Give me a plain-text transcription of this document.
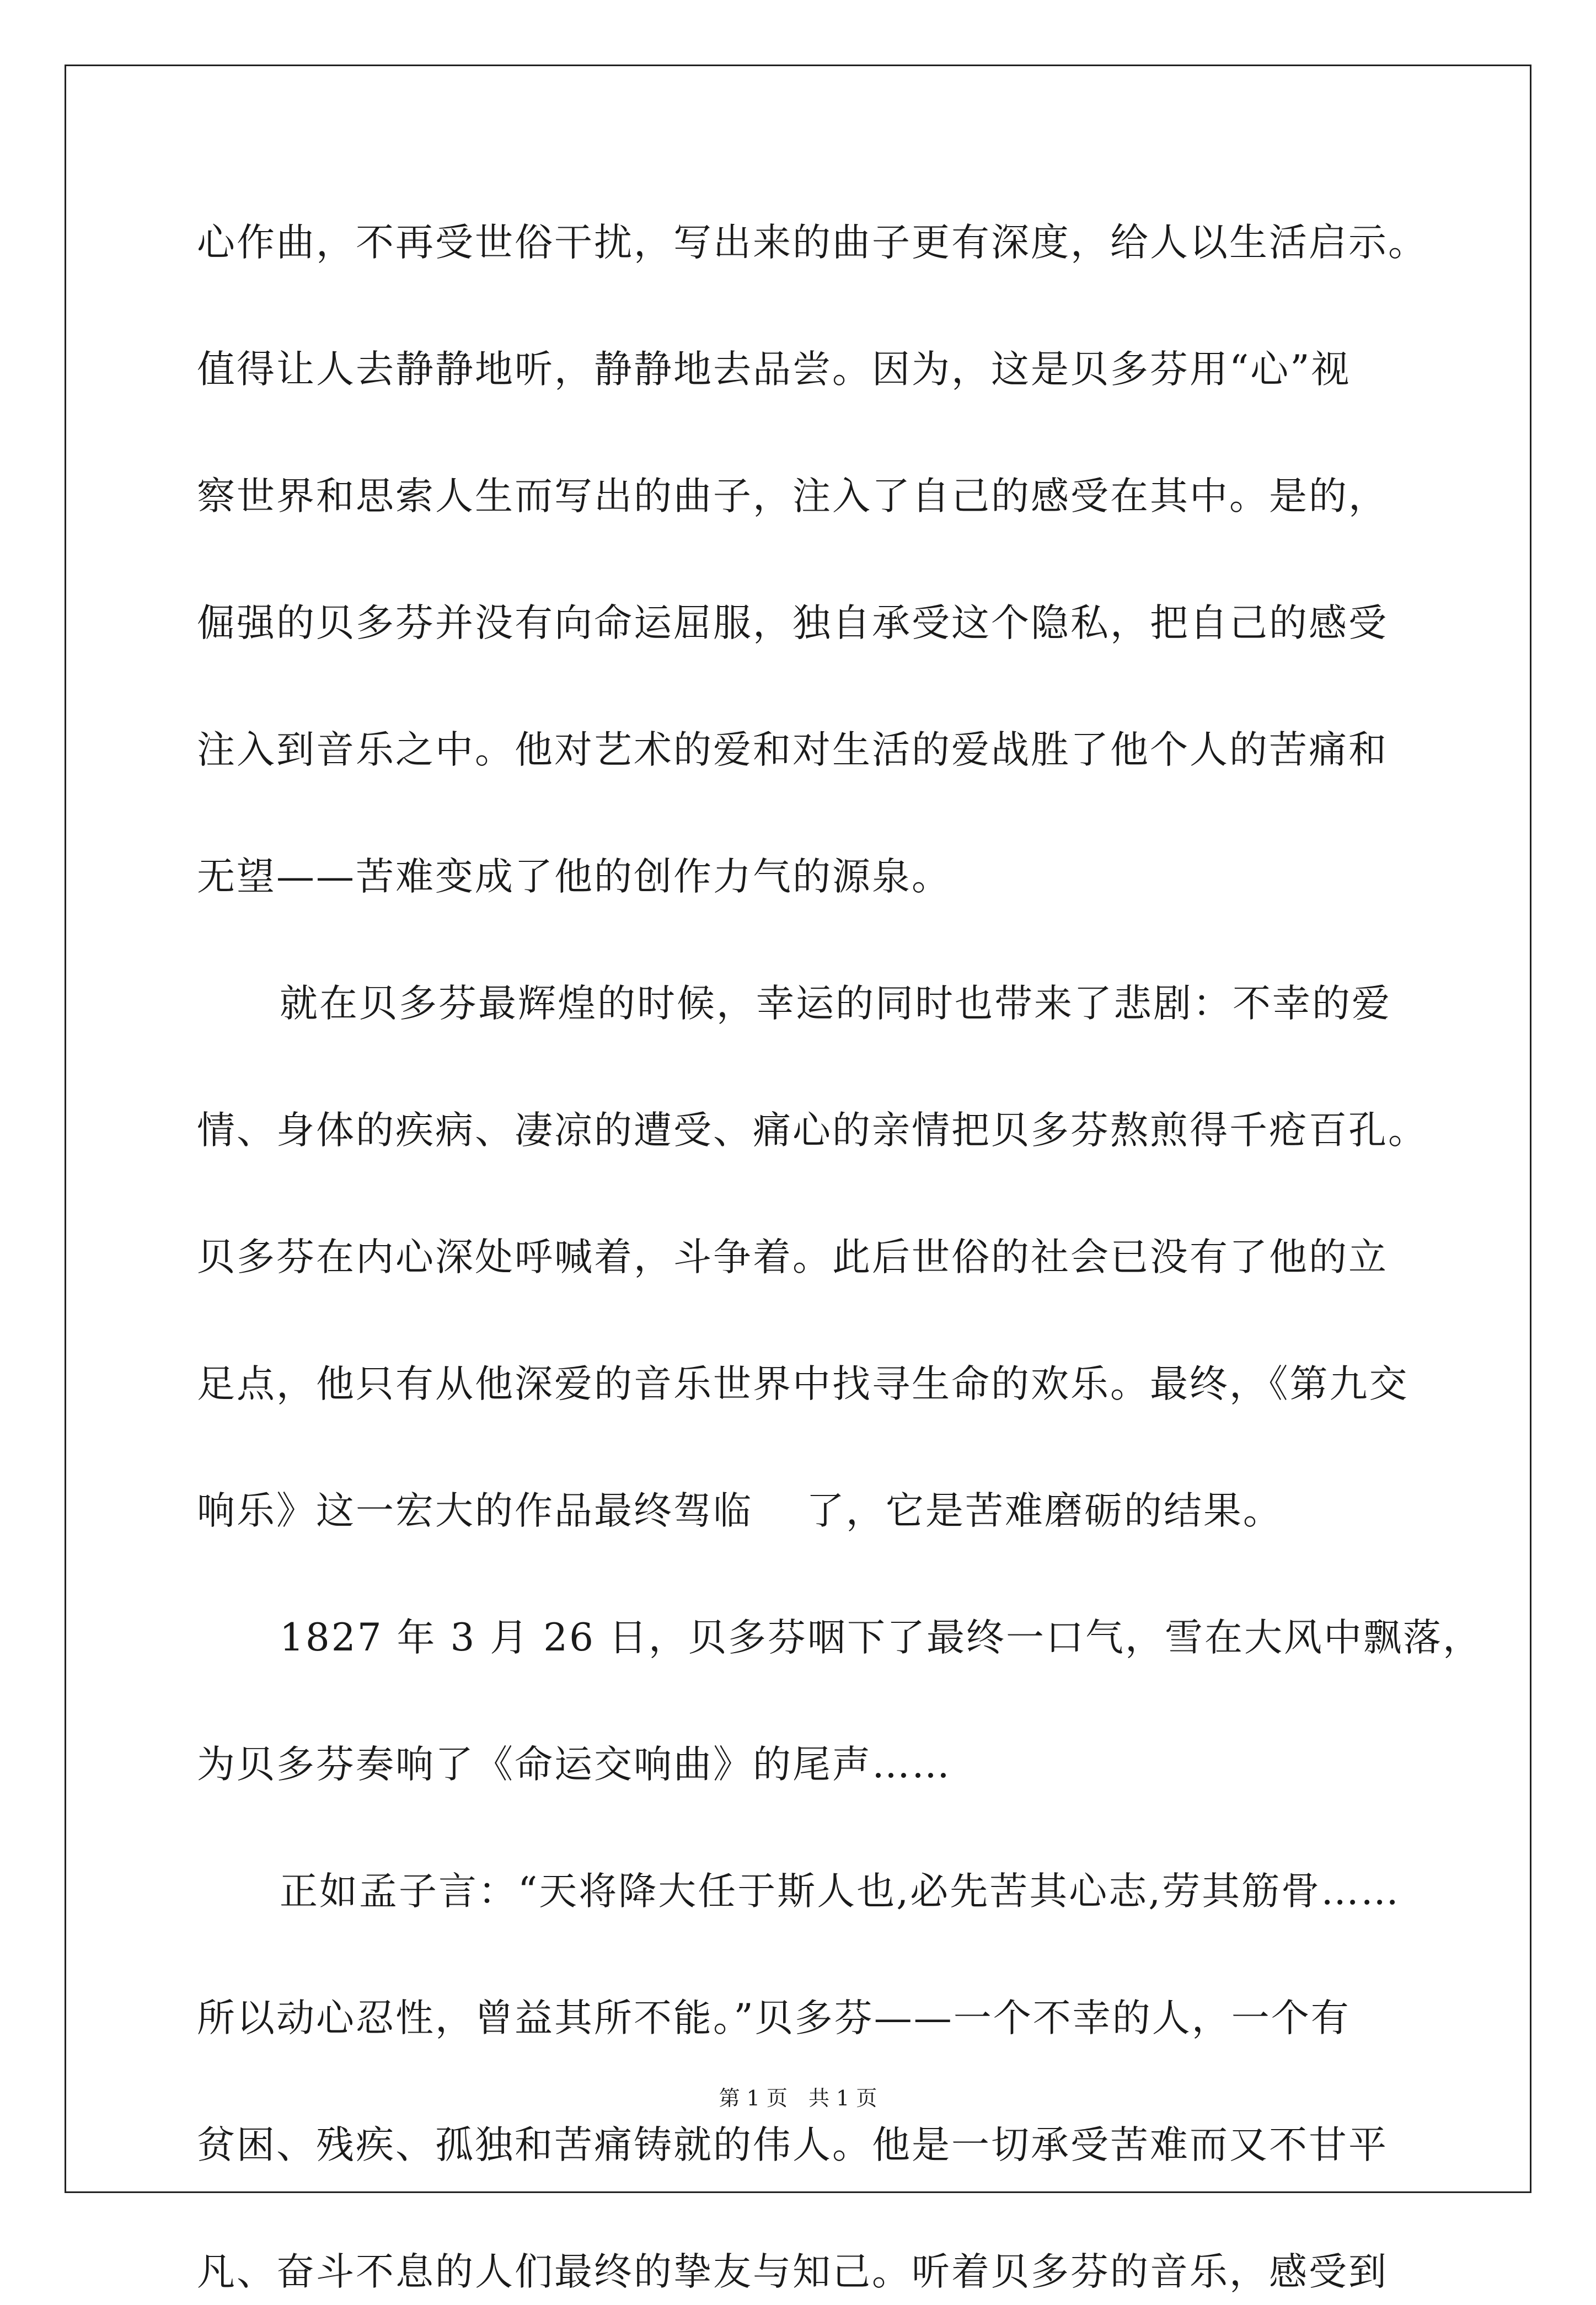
心作曲，不再受世俗干扰，写出来的曲子更有深度，给人以生活启示。
值得让人去静静地听，静静地去品尝。因为，这是贝多芬用“心”视
察世界和思索人生而写出的曲子，注入了自己的感受在其中。是的，
倔强的贝多芬并没有向命运屈服，独自承受这个隐私，把自己的感受
注入到音乐之中。他对艺术的爱和对生活的爱战胜了他个人的苦痛和
无望——苦难变成了他的创作力气的源泉。
就在贝多芬最辉煌的时候，幸运的同时也带来了悲剧：不幸的爱
情、身体的疾病、凄凉的遭受、痛心的亲情把贝多芬熬煎得千疮百孔。
贝多芬在内心深处呼喊着，斗争着。此后世俗的社会已没有了他的立
足点，他只有从他深爱的音乐世界中找寻生命的欢乐。最终，《第九交
响乐》这一宏大的作品最终驾临　 了，它是苦难磨砺的结果。
1827 年 3 月 26 日，贝多芬咽下了最终一口气，雪在大风中飘落，
为贝多芬奏响了《命运交响曲》的尾声……
正如孟子言：“天将降大任于斯人也,必先苦其心志,劳其筋骨……
所以动心忍性，曾益其所不能。”贝多芬——一个不幸的人，一个有
贫困、残疾、孤独和苦痛铸就的伟人。他是一切承受苦难而又不甘平
凡、奋斗不息的人们最终的挚友与知己。听着贝多芬的音乐，感受到
第 1 页　共 1 页
